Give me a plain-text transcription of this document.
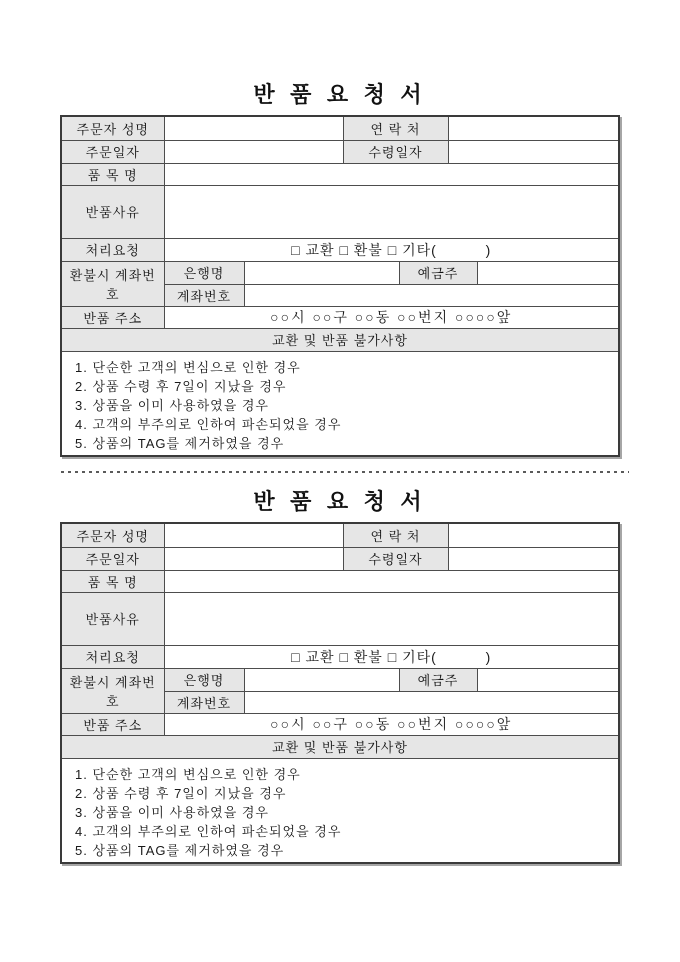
반 품 요 청 서
주문자 성명			연 락 처			
주문일자			수령일자			
품 목 명						
반품사유						
처리요청	□ 교환 □ 환불 □ 기타(          )					
환불시 계좌번호	은행명			예금주		
	계좌번호					
반품 주소	○○시 ○○구 ○○동 ○○번지 ○○○○앞					
교환 및 반품 불가사항						

1. 단순한 고객의 변심으로 인한 경우
2. 상품 수령 후 7일이 지났을 경우
3. 상품을 이미 사용하였을 경우
4. 고객의 부주의로 인하여 파손되었을 경우
5. 상품의 TAG를 제거하였을 경우						
반 품 요 청 서
주문자 성명			연 락 처			
주문일자			수령일자			
품 목 명						
반품사유						
처리요청	□ 교환 □ 환불 □ 기타(          )					
환불시 계좌번호	은행명			예금주		
	계좌번호					
반품 주소	○○시 ○○구 ○○동 ○○번지 ○○○○앞					
교환 및 반품 불가사항						

1. 단순한 고객의 변심으로 인한 경우
2. 상품 수령 후 7일이 지났을 경우
3. 상품을 이미 사용하였을 경우
4. 고객의 부주의로 인하여 파손되었을 경우
5. 상품의 TAG를 제거하였을 경우						
